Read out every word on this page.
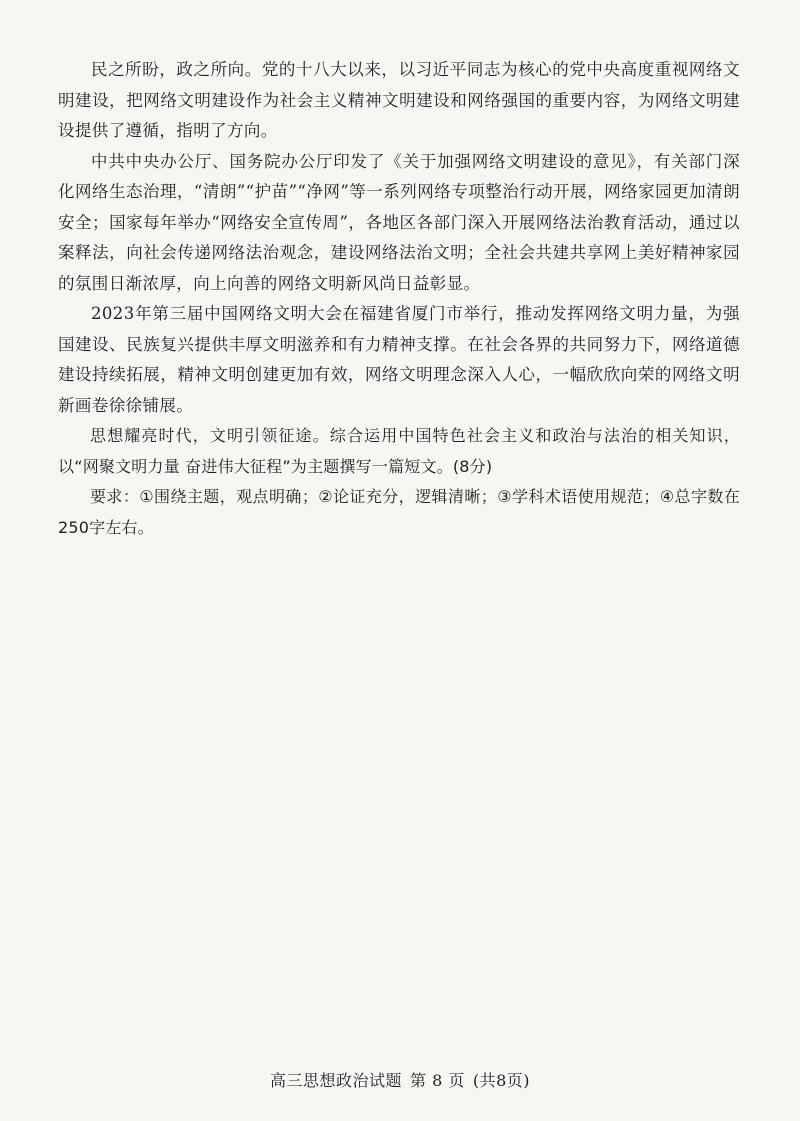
民之所盼，政之所向。党的十八大以来，以习近平同志为核心的党中央高度重视网络文明建设，把网络文明建设作为社会主义精神文明建设和网络强国的重要内容，为网络文明建设提供了遵循，指明了方向。

中共中央办公厅、国务院办公厅印发了《关于加强网络文明建设的意见》，有关部门深化网络生态治理，“清朗”“护苗”“净网”等一系列网络专项整治行动开展，网络家园更加清朗安全；国家每年举办“网络安全宣传周”，各地区各部门深入开展网络法治教育活动，通过以案释法，向社会传递网络法治观念，建设网络法治文明；全社会共建共享网上美好精神家园的氛围日渐浓厚，向上向善的网络文明新风尚日益彰显。

2023年第三届中国网络文明大会在福建省厦门市举行，推动发挥网络文明力量，为强国建设、民族复兴提供丰厚文明滋养和有力精神支撑。在社会各界的共同努力下，网络道德建设持续拓展，精神文明创建更加有效，网络文明理念深入人心，一幅欣欣向荣的网络文明新画卷徐徐铺展。

思想耀亮时代，文明引领征途。综合运用中国特色社会主义和政治与法治的相关知识，以“网聚文明力量 奋进伟大征程”为主题撰写一篇短文。(8分)

要求：①围绕主题，观点明确；②论证充分，逻辑清晰；③学科术语使用规范；④总字数在250字左右。

高三思想政治试题 第 8 页 (共8页)
